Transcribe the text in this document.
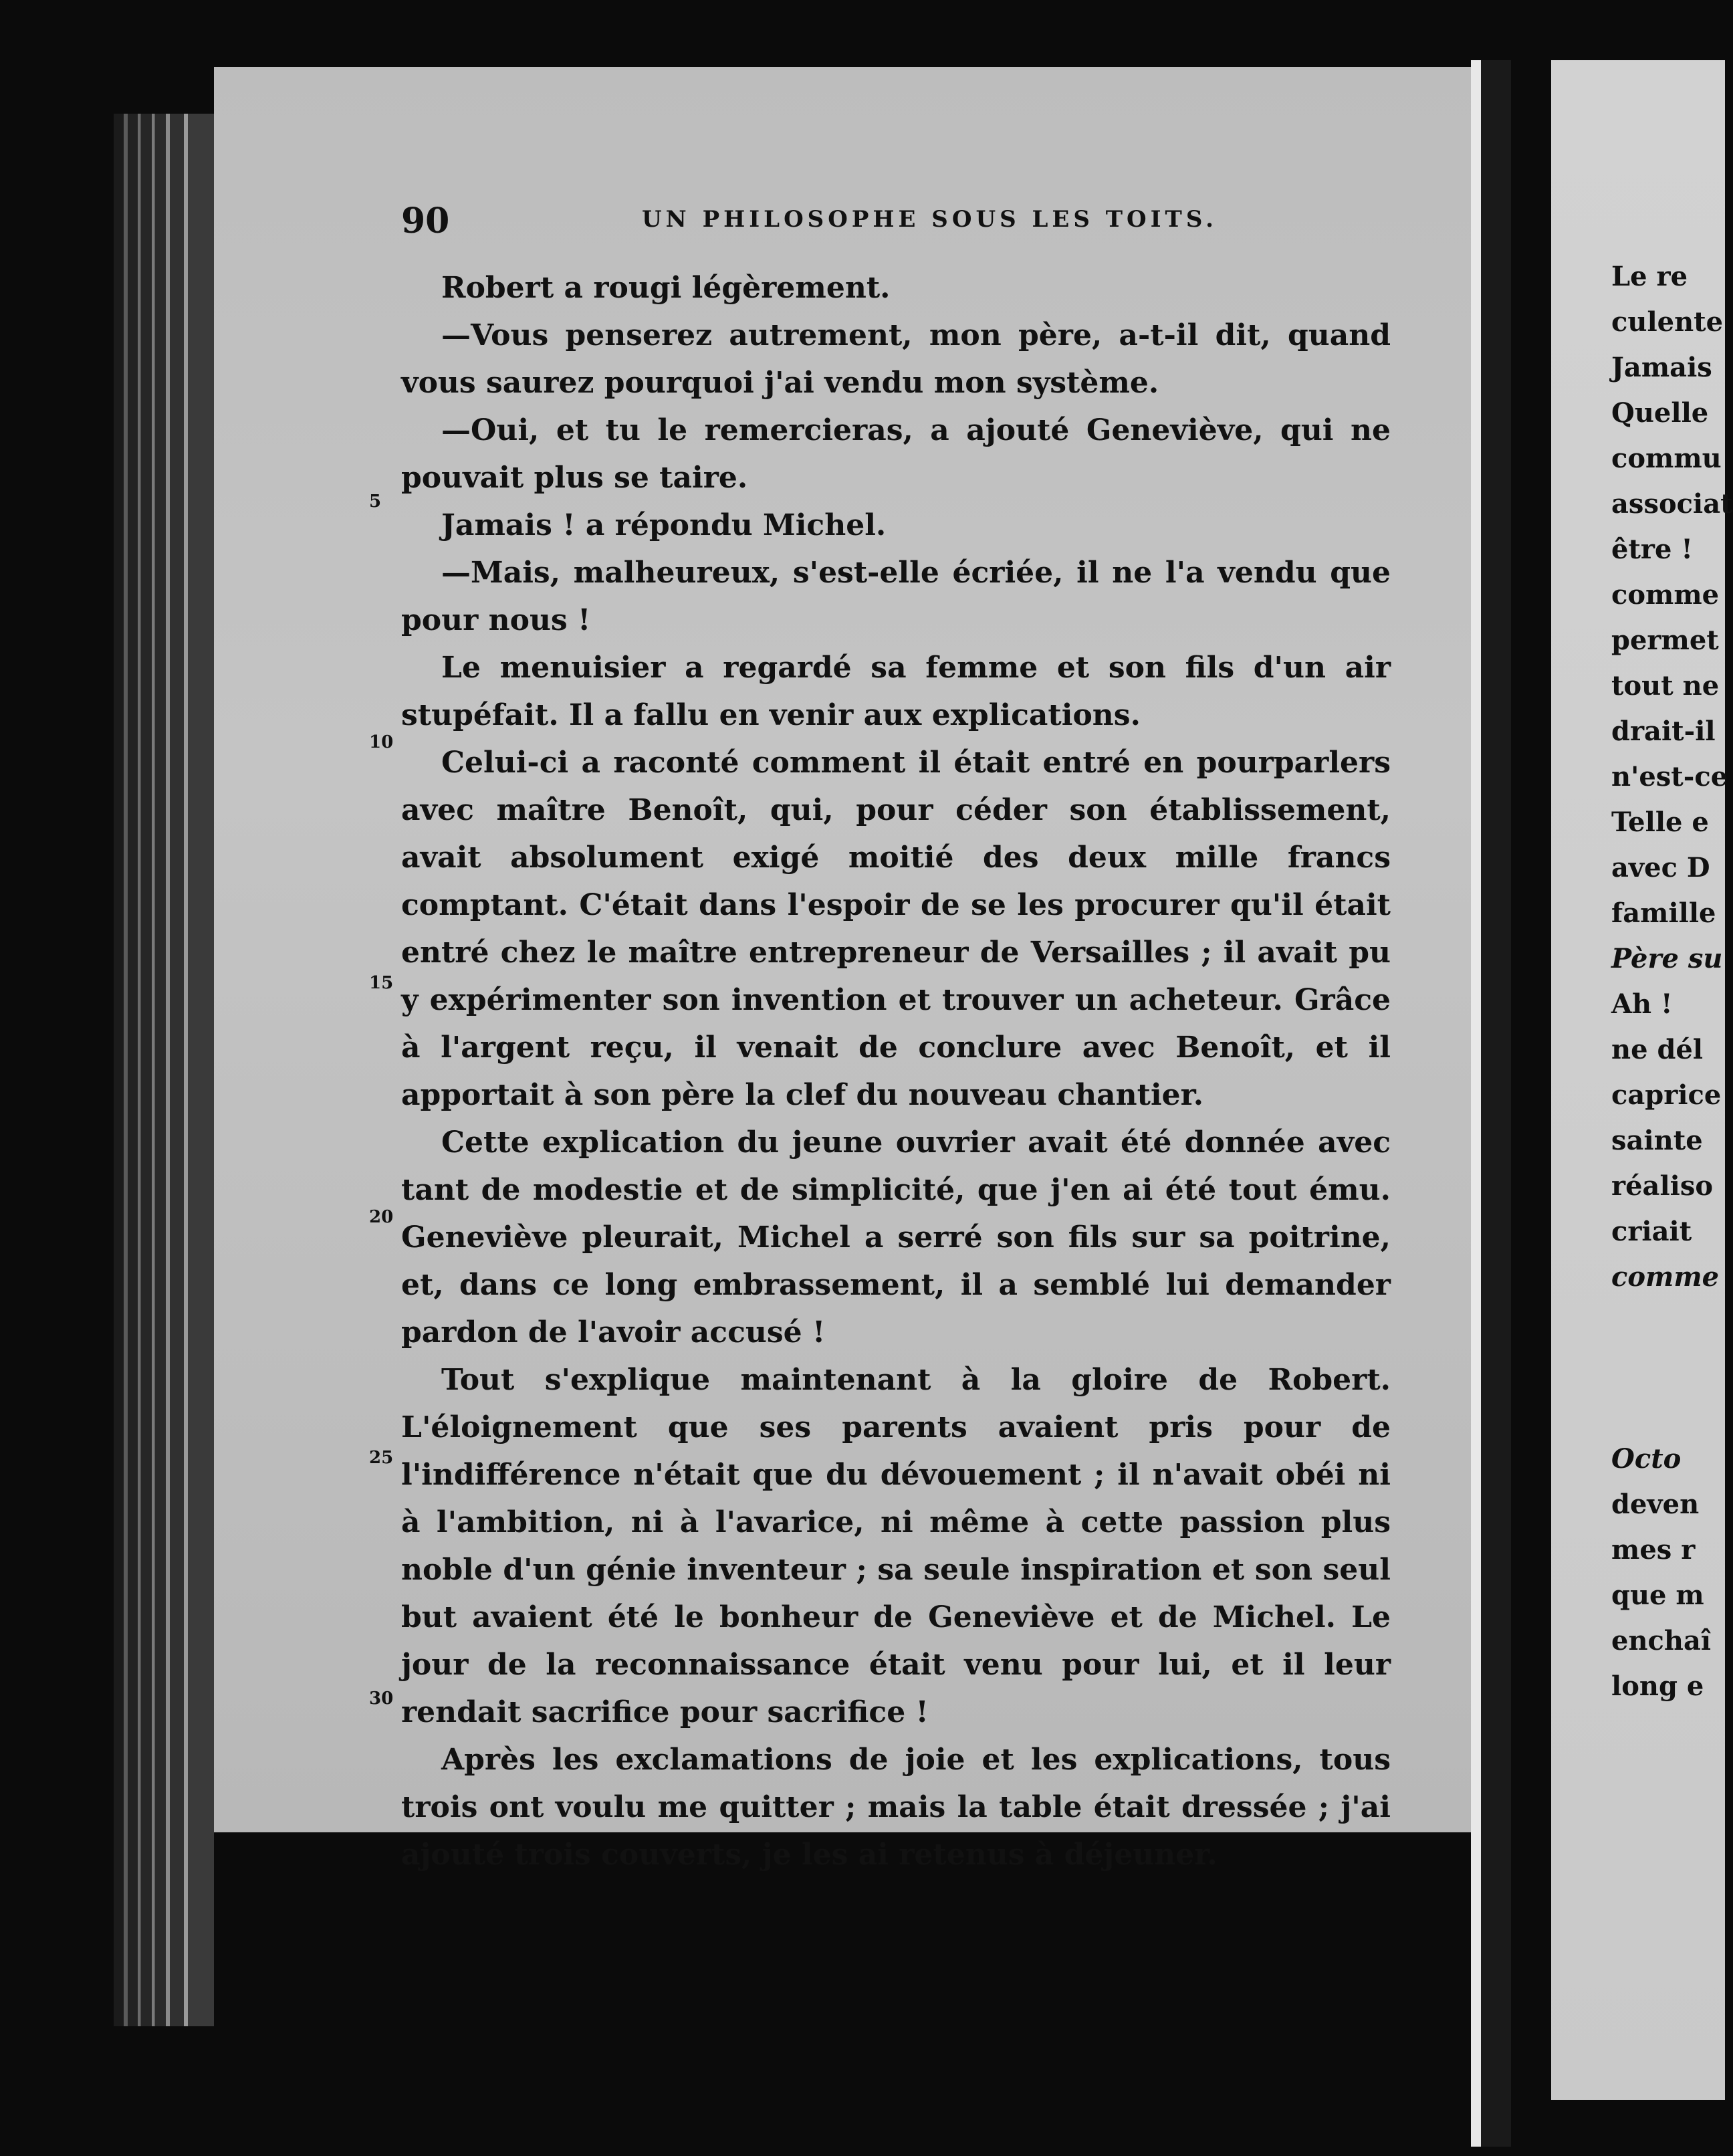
90	UN PHILOSOPHE SOUS LES TOITS.
5
10
15
20
25
30

Robert a rougi légèrement.

—Vous penserez autrement, mon père, a-t-il dit, quand vous saurez pourquoi j'ai vendu mon système.

—Oui, et tu le remercieras, a ajouté Geneviève, qui ne pouvait plus se taire.

Jamais ! a répondu Michel.

—Mais, malheureux, s'est-elle écriée, il ne l'a vendu que pour nous !

Le menuisier a regardé sa femme et son fils d'un air stupéfait. Il a fallu en venir aux explications.

Celui-ci a raconté comment il était entré en pourparlers avec maître Benoît, qui, pour céder son établissement, avait absolument exigé moitié des deux mille francs comptant. C'était dans l'espoir de se les procurer qu'il était entré chez le maître entrepreneur de Versailles ; il avait pu y expérimenter son invention et trouver un acheteur. Grâce à l'argent reçu, il venait de conclure avec Benoît, et il apportait à son père la clef du nouveau chantier.

Cette explication du jeune ouvrier avait été donnée avec tant de modestie et de simplicité, que j'en ai été tout ému. Geneviève pleurait, Michel a serré son fils sur sa poitrine, et, dans ce long embrassement, il a semblé lui demander pardon de l'avoir accusé !

Tout s'explique maintenant à la gloire de Robert. L'éloignement que ses parents avaient pris pour de l'indifférence n'était que du dévouement ; il n'avait obéi ni à l'ambition, ni à l'avarice, ni même à cette passion plus noble d'un génie inventeur ; sa seule inspiration et son seul but avaient été le bonheur de Geneviève et de Michel. Le jour de la reconnaissance était venu pour lui, et il leur rendait sacrifice pour sacrifice !

Après les exclamations de joie et les explications, tous trois ont voulu me quitter ; mais la table était dressée ; j'ai ajouté trois couverts, je les ai retenus à déjeuner.

Le re
culente
Jamais
Quelle
commu
associat
être !
comme
permet
tout ne
drait-il
n'est-ce
Telle e
avec D
famille
Père su
Ah !
ne dél
caprice
sainte
réaliso
criait
comme
Octo
deven
mes r
que m
enchaî
long e
